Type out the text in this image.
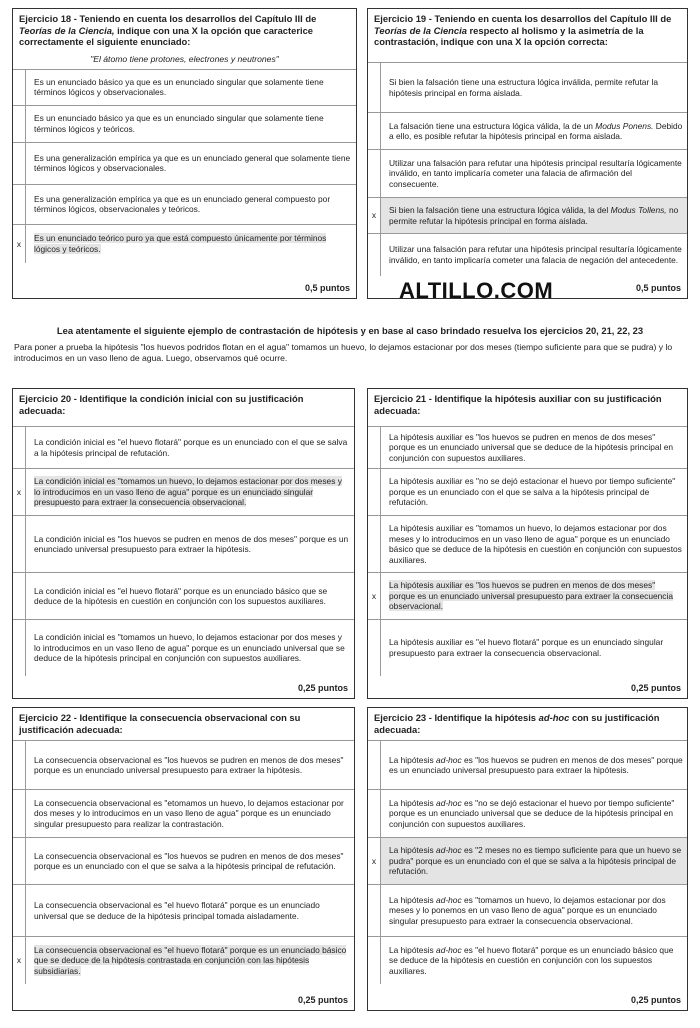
Ejercicio 18 - Teniendo en cuenta los desarrollos del Capítulo III de Teorías de la Ciencia, indique con una X la opción que caracterice correctamente el siguiente enunciado:
"El átomo tiene protones, electrones y neutrones"
	Es un enunciado básico ya que es un enunciado singular que solamente tiene términos lógicos y observacionales.
	Es un enunciado básico ya que es un enunciado singular que solamente tiene términos lógicos y teóricos.
	Es una generalización empírica ya que es un enunciado general que solamente tiene términos lógicos y observacionales.
	Es una generalización empírica ya que es un enunciado general compuesto por términos lógicos, observacionales y teóricos.
x	Es un enunciado teórico puro ya que está compuesto únicamente por términos lógicos y teóricos.
0,5 puntos
Ejercicio 19 - Teniendo en cuenta los desarrollos del Capítulo III de Teorías de la Ciencia respecto al holismo y la asimetría de la contrastación, indique con una X la opción correcta:
	Si bien la falsación tiene una estructura lógica inválida, permite refutar la hipótesis principal en forma aislada.
	La falsación tiene una estructura lógica válida, la de un Modus Ponens. Debido a ello, es posible refutar la hipótesis principal en forma aislada.
	Utilizar una falsación para refutar una hipótesis principal resultaría lógicamente inválido, en tanto implicaría cometer una falacia de afirmación del consecuente.
x	Si bien la falsación tiene una estructura lógica válida, la del Modus Tollens, no permite refutar la hipótesis principal en forma aislada.
	Utilizar una falsación para refutar una hipótesis principal resultaría lógicamente inválido, en tanto implicaría cometer una falacia de negación del antecedente.
0,5 puntos
ALTILLO.COM
Lea atentamente el siguiente ejemplo de contrastación de hipótesis y en base al caso brindado resuelva los ejercicios 20, 21, 22, 23
Para poner a prueba la hipótesis "los huevos podridos flotan en el agua" tomamos un huevo, lo dejamos estacionar por dos meses (tiempo suficiente para que se pudra) y lo introducimos en un vaso lleno de agua. Luego, observamos qué ocurre.
Ejercicio 20 - Identifique la condición inicial con su justificación adecuada:
	La condición inicial es "el huevo flotará" porque es un enunciado con el que se salva a la hipótesis principal de refutación.
x	La condición inicial es "tomamos un huevo, lo dejamos estacionar por dos meses y lo introducimos en un vaso lleno de agua" porque es un enunciado singular presupuesto para extraer la consecuencia observacional.
	La condición inicial es "los huevos se pudren en menos de dos meses" porque es un enunciado universal presupuesto para extraer la hipótesis.
	La condición inicial es "el huevo flotará" porque es un enunciado básico que se deduce de la hipótesis en cuestión en conjunción con los supuestos auxiliares.
	La condición inicial es "tomamos un huevo, lo dejamos estacionar por dos meses y lo introducimos en un vaso lleno de agua" porque es un enunciado universal que se deduce de la hipótesis principal en conjunción con supuestos auxiliares.
0,25 puntos
Ejercicio 21 - Identifique la hipótesis auxiliar con su justificación adecuada:
	La hipótesis auxiliar es "los huevos se pudren en menos de dos meses" porque es un enunciado universal que se deduce de la hipótesis principal en conjunción con supuestos auxiliares.
	La hipótesis auxiliar es "no se dejó estacionar el huevo por tiempo suficiente" porque es un enunciado con el que se salva a la hipótesis principal de refutación.
	La hipótesis auxiliar es "tomamos un huevo, lo dejamos estacionar por dos meses y lo introducimos en un vaso lleno de agua" porque es un enunciado básico que se deduce de la hipótesis en cuestión en conjunción con supuestos auxiliares.
x	La hipótesis auxiliar es "los huevos se pudren en menos de dos meses" porque es un enunciado universal presupuesto para extraer la consecuencia observacional.
	La hipótesis auxiliar es "el huevo flotará" porque es un enunciado singular presupuesto para extraer la consecuencia observacional.
0,25 puntos
Ejercicio 22 - Identifique la consecuencia observacional con su justificación adecuada:
	La consecuencia observacional es "los huevos se pudren en menos de dos meses" porque es un enunciado universal presupuesto para extraer la hipótesis.
	La consecuencia observacional es "etomamos un huevo, lo dejamos estacionar por dos meses y lo introducimos en un vaso lleno de agua" porque es un enunciado singular presupuesto para realizar la contrastación.
	La consecuencia observacional es "los huevos se pudren en menos de dos meses" porque es un enunciado con el que se salva a la hipótesis principal de refutación.
	La consecuencia observacional es "el huevo flotará" porque es un enunciado universal que se deduce de la hipótesis principal tomada aisladamente.
x	La consecuencia observacional es "el huevo flotará" porque es un enunciado básico que se deduce de la hipótesis contrastada en conjunción con las hipótesis subsidiarias.
0,25 puntos
Ejercicio 23 - Identifique la hipótesis ad-hoc con su justificación adecuada:
	La hipótesis ad-hoc es "los huevos se pudren en menos de dos meses" porque es un enunciado universal presupuesto para extraer la hipótesis.
	La hipótesis ad-hoc es "no se dejó estacionar el huevo por tiempo suficiente" porque es un enunciado universal que se deduce de la hipótesis principal en conjunción con supuestos auxiliares.
x	La hipótesis ad-hoc es "2 meses no es tiempo suficiente para que un huevo se pudra" porque es un enunciado con el que se salva a la hipótesis principal de refutación.
	La hipótesis ad-hoc es "tomamos un huevo, lo dejamos estacionar por dos meses y lo ponemos en un vaso lleno de agua" porque es un enunciado singular presupuesto para extraer la consecuencia observacional.
	La hipótesis ad-hoc es "el huevo flotará" porque es un enunciado básico que se deduce de la hipótesis en cuestión en conjunción con los supuestos auxiliares.
0,25 puntos
